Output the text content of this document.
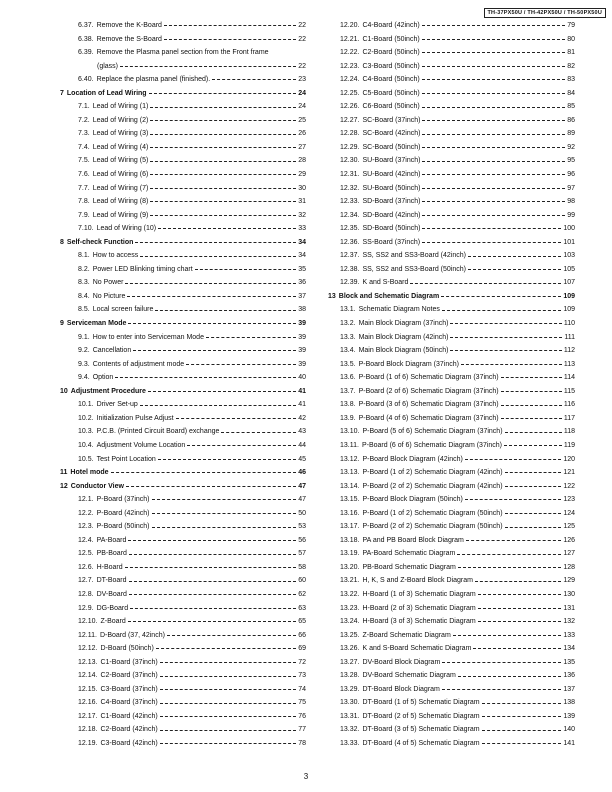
TH-37PX50U / TH-42PX50U / TH-50PX50U
6.37. Remove the K-Board	22
6.38. Remove the S-Board	22
6.39. Remove the Plasma panel section from the Front frame
(glass)	22
6.40. Replace the plasma panel (finished).	23
7 Location of Lead Wiring	24
7.1. Lead of Wiring (1)	24
7.2. Lead of Wiring (2)	25
7.3. Lead of Wiring (3)	26
7.4. Lead of Wiring (4)	27
7.5. Lead of Wiring (5)	28
7.6. Lead of Wiring (6)	29
7.7. Lead of Wiring (7)	30
7.8. Lead of Wiring (8)	31
7.9. Lead of Wiring (9)	32
7.10. Lead of Wiring (10)	33
8 Self-check Function	34
8.1. How to access	34
8.2. Power LED Blinking timing chart	35
8.3. No Power	36
8.4. No Picture	37
8.5. Local screen failure	38
9 Serviceman Mode	39
9.1. How to enter into Serviceman Mode	39
9.2. Cancellation	39
9.3. Contents of adjustment mode	39
9.4. Option	40
10 Adjustment Procedure	41
10.1. Driver Set-up	41
10.2. Initialization Pulse Adjust	42
10.3. P.C.B. (Printed Circuit Board) exchange	43
10.4. Adjustment Volume Location	44
10.5. Test Point Location	45
11 Hotel mode	46
12 Conductor View	47
12.1. P-Board (37inch)	47
12.2. P-Board (42inch)	50
12.3. P-Board (50inch)	53
12.4. PA-Board	56
12.5. PB-Board	57
12.6. H-Board	58
12.7. DT-Board	60
12.8. DV-Board	62
12.9. DG-Board	63
12.10. Z-Board	65
12.11. D-Board (37, 42inch)	66
12.12. D-Board (50inch)	69
12.13. C1-Board (37inch)	72
12.14. C2-Board (37inch)	73
12.15. C3-Board (37inch)	74
12.16. C4-Board (37inch)	75
12.17. C1-Board (42inch)	76
12.18. C2-Board (42inch)	77
12.19. C3-Board (42inch)	78
12.20. C4-Board (42inch)	79
12.21. C1-Board (50inch)	80
12.22. C2-Board (50inch)	81
12.23. C3-Board (50inch)	82
12.24. C4-Board (50inch)	83
12.25. C5-Board (50inch)	84
12.26. C6-Board (50inch)	85
12.27. SC-Board (37inch)	86
12.28. SC-Board (42inch)	89
12.29. SC-Board (50inch)	92
12.30. SU-Board (37inch)	95
12.31. SU-Board (42inch)	96
12.32. SU-Board (50inch)	97
12.33. SD-Board (37inch)	98
12.34. SD-Board (42inch)	99
12.35. SD-Board (50inch)	100
12.36. SS-Board (37inch)	101
12.37. SS, SS2 and SS3-Board (42inch)	103
12.38. SS, SS2 and SS3-Board (50inch)	105
12.39. K and S-Board	107
13 Block and Schematic Diagram	109
13.1. Schematic Diagram Notes	109
13.2. Main Block Diagram (37inch)	110
13.3. Main Block Diagram (42inch)	111
13.4. Main Block Diagram (50inch)	112
13.5. P-Board Block Diagram (37inch)	113
13.6. P-Board (1 of 6) Schematic Diagram (37inch)	114
13.7. P-Board (2 of 6) Schematic Diagram (37inch)	115
13.8. P-Board (3 of 6) Schematic Diagram (37inch)	116
13.9. P-Board (4 of 6) Schematic Diagram (37inch)	117
13.10. P-Board (5 of 6) Schematic Diagram (37inch)	118
13.11. P-Board (6 of 6) Schematic Diagram (37inch)	119
13.12. P-Board Block Diagram (42inch)	120
13.13. P-Board (1 of 2) Schematic Diagram (42inch)	121
13.14. P-Board (2 of 2) Schematic Diagram (42inch)	122
13.15. P-Board Block Diagram (50inch)	123
13.16. P-Board (1 of 2) Schematic Diagram (50inch)	124
13.17. P-Board (2 of 2) Schematic Diagram (50inch)	125
13.18. PA and PB Board Block Diagram	126
13.19. PA-Board Schematic Diagram	127
13.20. PB-Board Schematic Diagram	128
13.21. H, K, S and Z-Board Block Diagram	129
13.22. H-Board (1 of 3) Schematic Diagram	130
13.23. H-Board (2 of 3) Schematic Diagram	131
13.24. H-Board (3 of 3) Schematic Diagram	132
13.25. Z-Board Schematic Diagram	133
13.26. K and S-Board Schematic Diagram	134
13.27. DV-Board Block Diagram	135
13.28. DV-Board Schematic Diagram	136
13.29. DT-Board Block Diagram	137
13.30. DT-Board (1 of 5) Schematic Diagram	138
13.31. DT-Board (2 of 5) Schematic Diagram	139
13.32. DT-Board (3 of 5) Schematic Diagram	140
13.33. DT-Board (4 of 5) Schematic Diagram	141
3
